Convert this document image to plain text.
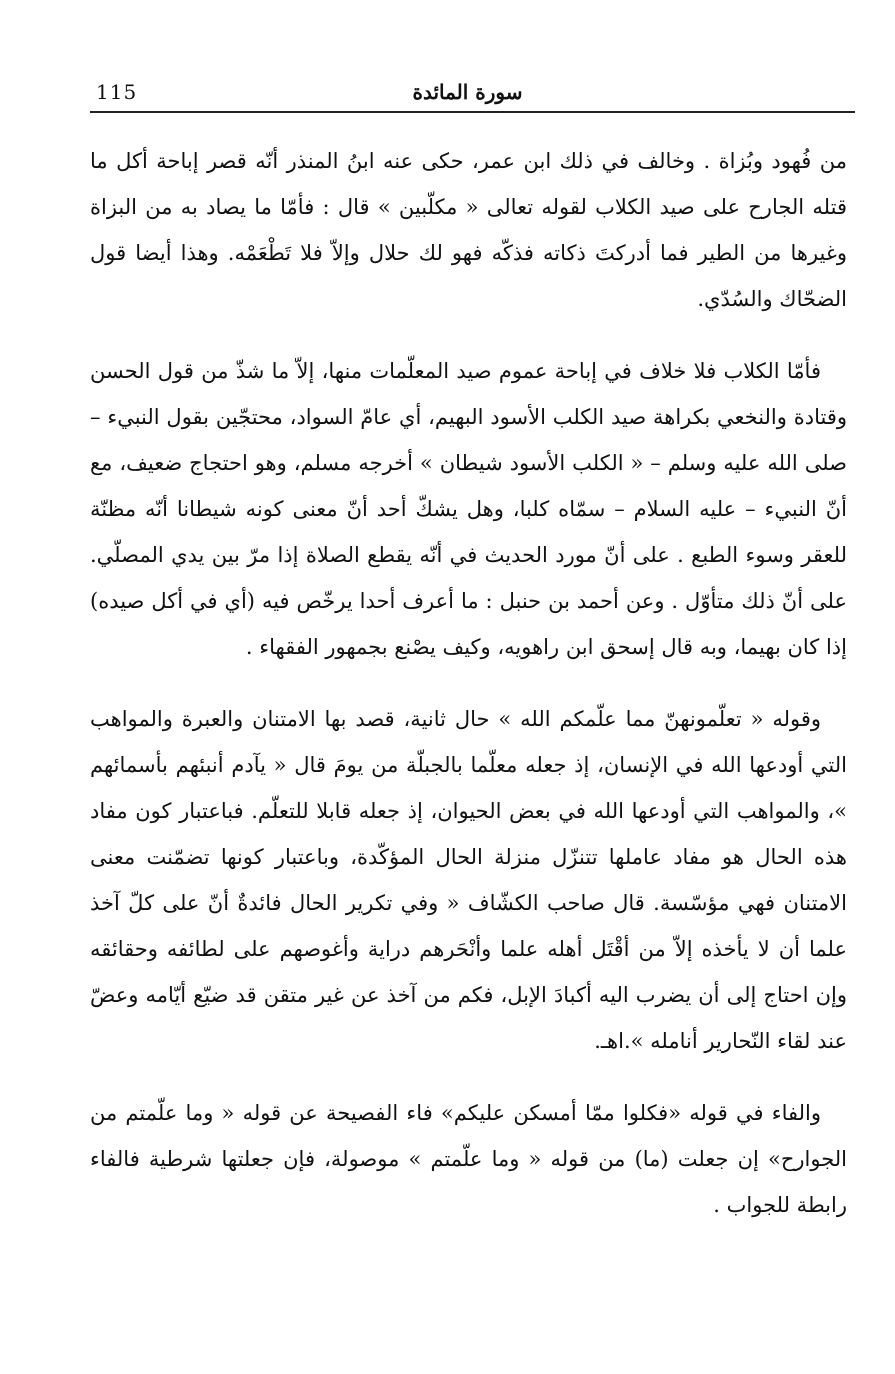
115	سورة المائدة

من فُهود وبُزاة . وخالف في ذلك ابن عمر، حكى عنه ابنُ المنذر أنّه قصر إباحة أكل ما قتله الجارح على صيد الكلاب لقوله تعالى « مكلّبين » قال : فأمّا ما يصاد به من البزاة وغيرها من الطير فما أدركتَ ذكاته فذكّه فهو لك حلال وإلاّ فلا تَطْعَمْه. وهذا أيضا قول الضحّاك والسُدّي.

فأمّا الكلاب فلا خلاف في إباحة عموم صيد المعلّمات منها، إلاّ ما شذّ من قول الحسن وقتادة والنخعي بكراهة صيد الكلب الأسود البهيم، أي عامّ السواد، محتجّين بقول النبيء – صلى الله عليه وسلم – « الكلب الأسود شيطان » أخرجه مسلم، وهو احتجاج ضعيف، مع أنّ النبيء – عليه السلام – سمّاه كلبا، وهل يشكّ أحد أنّ معنى كونه شيطانا أنّه مظنّة للعقر وسوء الطبع . على أنّ مورد الحديث في أنّه يقطع الصلاة إذا مرّ بين يدي المصلّي. على أنّ ذلك متأوّل . وعن أحمد بن حنبل : ما أعرف أحدا يرخّص فيه (أي في أكل صيده) إذا كان بهيما، وبه قال إسحق ابن راهويه، وكيف يصْنع بجمهور الفقهاء .

وقوله « تعلّمونهنّ مما علّمكم الله » حال ثانية، قصد بها الامتنان والعبرة والمواهب التي أودعها الله في الإنسان، إذ جعله معلّما بالجبلّة من يومَ قال « يآدم أنبئهم بأسمائهم »، والمواهب التي أودعها الله في بعض الحيوان، إذ جعله قابلا للتعلّم. فباعتبار كون مفاد هذه الحال هو مفاد عاملها تتنزّل منزلة الحال المؤكّدة، وباعتبار كونها تضمّنت معنى الامتنان فهي مؤسّسة. قال صاحب الكشّاف « وفي تكرير الحال فائدةٌ أنّ على كلّ آخذ علما أن لا يأخذه إلاّ من أقْتَل أهله علما وأنْحَرهم دراية وأغوصهم على لطائفه وحقائقه وإن احتاج إلى أن يضرب اليه أكبادَ الإبل، فكم من آخذ عن غير متقن قد ضيّع أيّامه وعضّ عند لقاء النّحارير أنامله ».اهـ.

والفاء في قوله «فكلوا ممّا أمسكن عليكم» فاء الفصيحة عن قوله « وما علّمتم من الجوارح» إن جعلت (ما) من قوله « وما علّمتم » موصولة، فإن جعلتها شرطية فالفاء رابطة للجواب .
